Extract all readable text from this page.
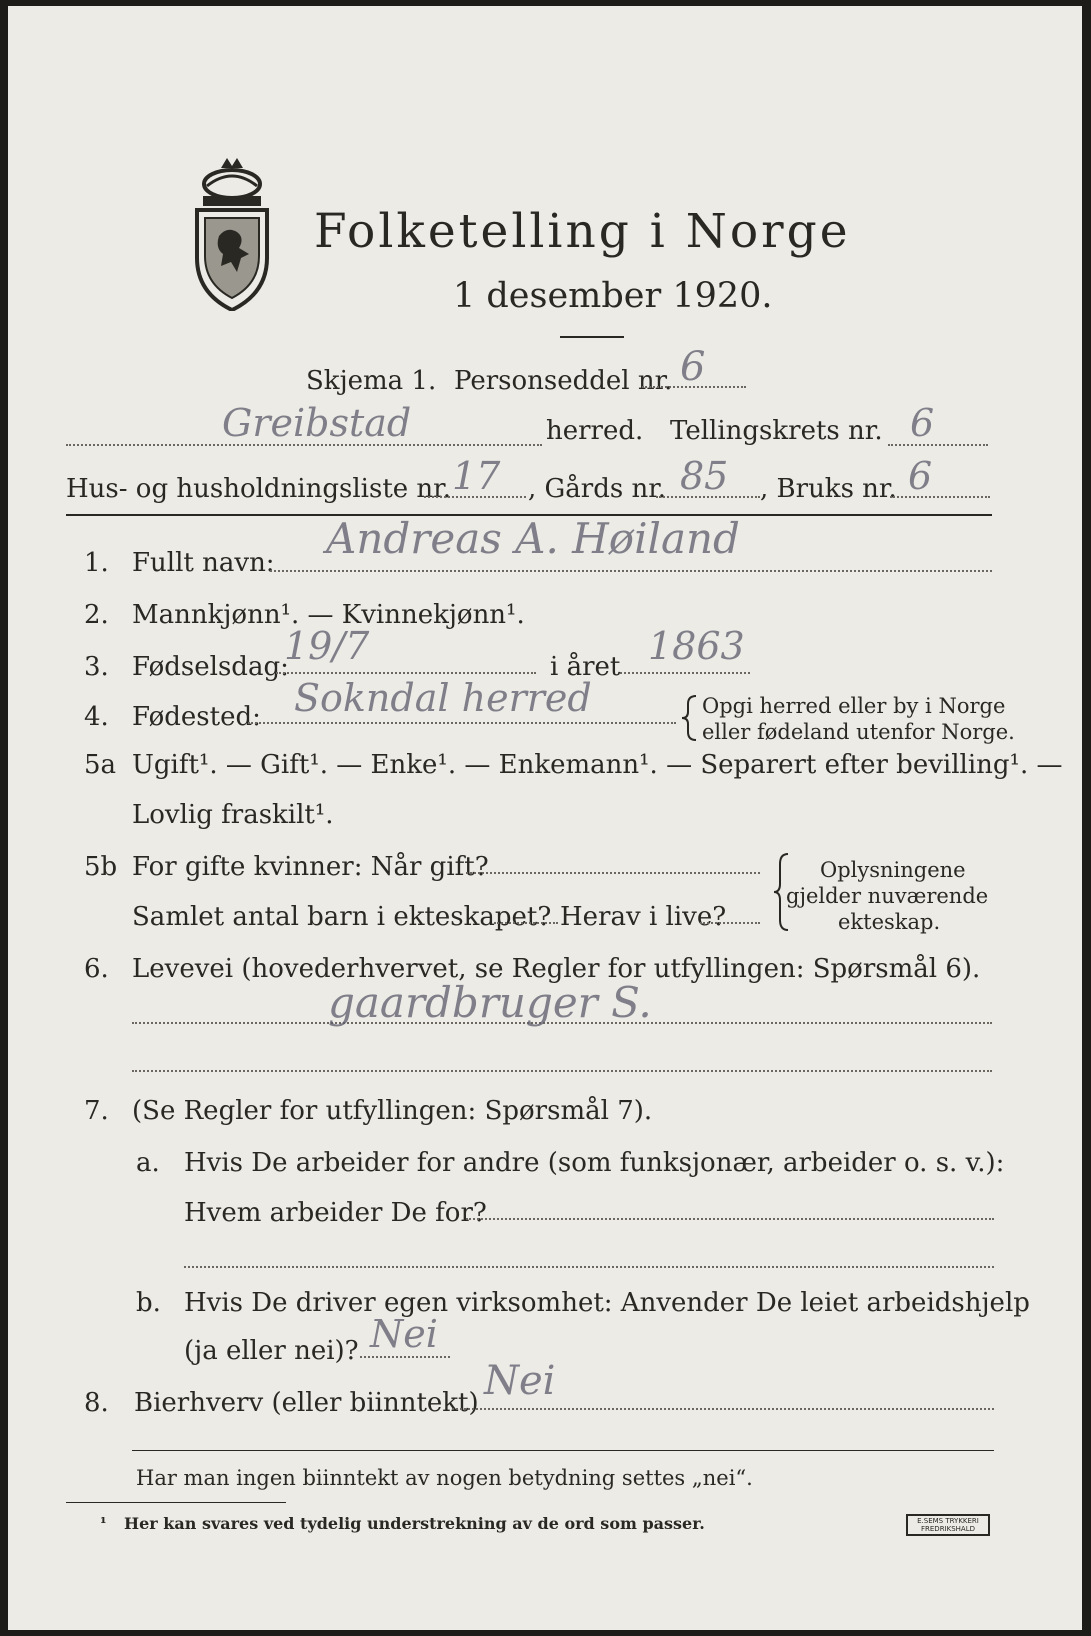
Folketelling i Norge
1 desember 1920.
Skjema 1. Personseddel nr. 6
Greibstad	herred. Tellingskrets nr. 6
Hus- og husholdningsliste nr. 17 , Gårds nr. 85 , Bruks nr. 6
1. Fullt navn: Andreas A. Høiland
2. Mannkjønn¹. — Kvinnekjønn¹.
3. Fødselsdag:
19/7	i året 1863
4. Fødested: Sokndal herred	Opgi herred eller by i Norge
eller fødeland utenfor Norge.
5a Ugift¹. — Gift¹. — Enke¹. — Enkemann¹. — Separert efter bevilling¹. —
Lovlig fraskilt¹.
5b For gifte kvinner: Når gift?
Samlet antal barn i ekteskapet? Herav i live?
Oplysningene
gjelder nuværende
ekteskap.
6. Levevei (hovederhvervet, se Regler for utfyllingen: Spørsmål 6).
gaardbruger S.
7. (Se Regler for utfyllingen: Spørsmål 7).
a. Hvis De arbeider for andre (som funksjonær, arbeider o. s. v.):
Hvem arbeider De for?
b. Hvis De driver egen virksomhet: Anvender De leiet arbeidshjelp
(ja eller nei)? Nei
8. Bierhverv (eller biinntekt) Nei
Har man ingen biinntekt av nogen betydning settes „nei“.
¹ Her kan svares ved tydelig understrekning av de ord som passer.	E.SEMS TRYKKERI
FREDRIKSHALD
